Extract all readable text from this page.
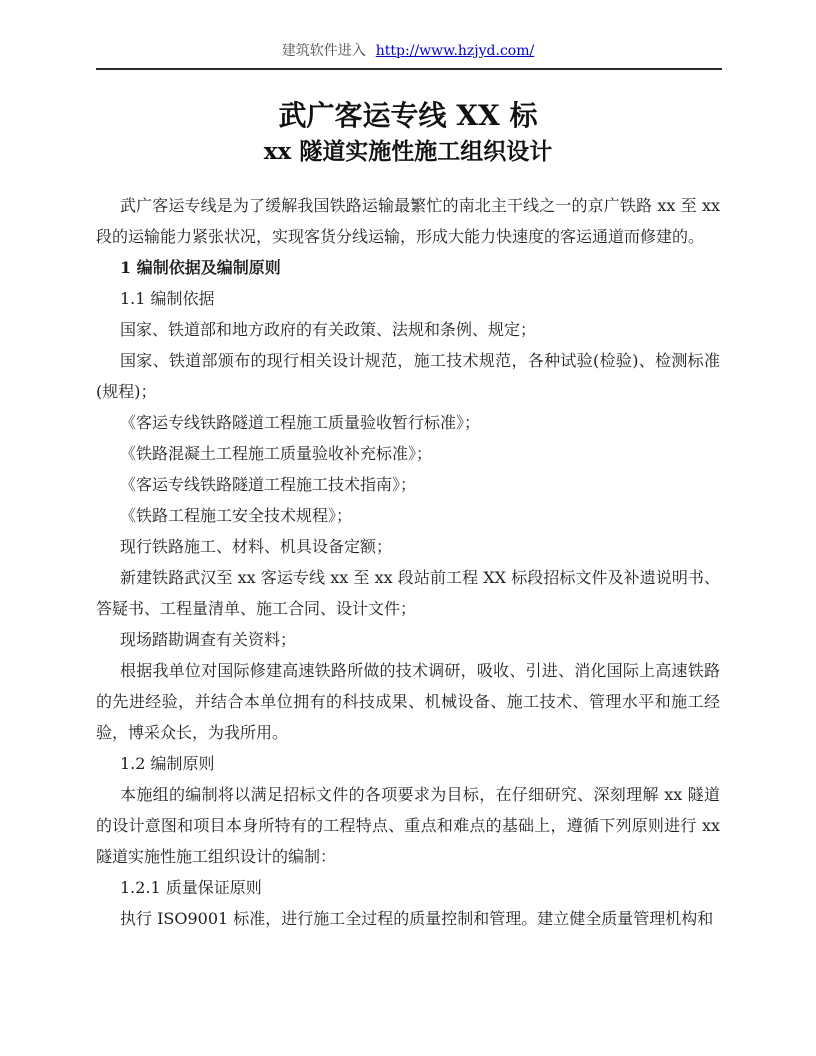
建筑软件进入 http://www.hzjyd.com/
武广客运专线 XX 标
xx 隧道实施性施工组织设计

武广客运专线是为了缓解我国铁路运输最繁忙的南北主干线之一的京广铁路 xx 至 xx 段的运输能力紧张状况，实现客货分线运输，形成大能力快速度的客运通道而修建的。

1 编制依据及编制原则

1.1 编制依据

国家、铁道部和地方政府的有关政策、法规和条例、规定；

国家、铁道部颁布的现行相关设计规范，施工技术规范，各种试验(检验)、检测标准(规程)；

《客运专线铁路隧道工程施工质量验收暂行标准》；

《铁路混凝土工程施工质量验收补充标准》；

《客运专线铁路隧道工程施工技术指南》；

《铁路工程施工安全技术规程》；

现行铁路施工、材料、机具设备定额；

新建铁路武汉至 xx 客运专线 xx 至 xx 段站前工程 XX 标段招标文件及补遗说明书、答疑书、工程量清单、施工合同、设计文件；

现场踏勘调查有关资料；

根据我单位对国际修建高速铁路所做的技术调研，吸收、引进、消化国际上高速铁路的先进经验，并结合本单位拥有的科技成果、机械设备、施工技术、管理水平和施工经验，博采众长，为我所用。

1.2 编制原则

本施组的编制将以满足招标文件的各项要求为目标，在仔细研究、深刻理解 xx 隧道的设计意图和项目本身所特有的工程特点、重点和难点的基础上，遵循下列原则进行 xx 隧道实施性施工组织设计的编制：

1.2.1 质量保证原则

执行 ISO9001 标准，进行施工全过程的质量控制和管理。建立健全质量管理机构和
